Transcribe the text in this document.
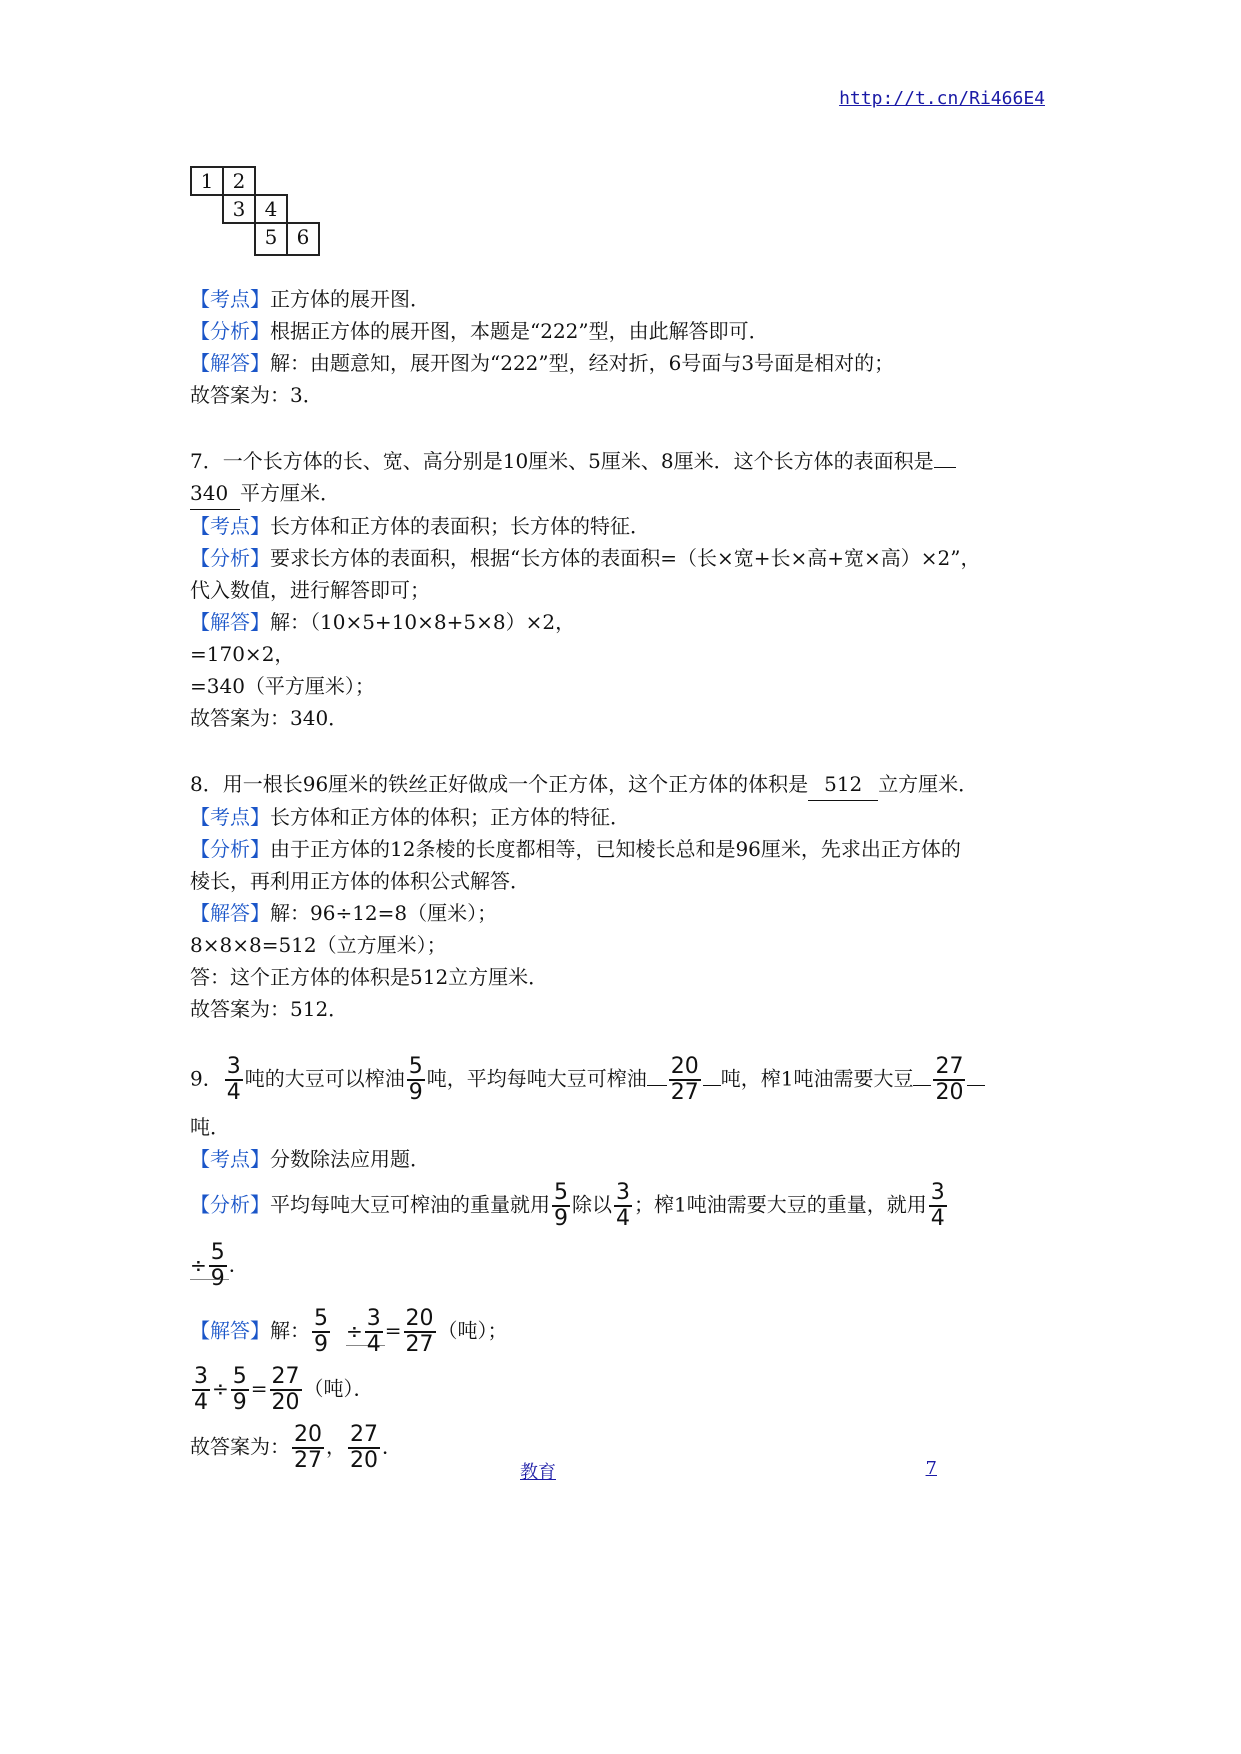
http://t.cn/Ri466E4
1 2
3 4
5 6
【考点】正方体的展开图．
【分析】根据正方体的展开图，本题是“222”型，由此解答即可．
【解答】解：由题意知，展开图为“222”型，经对折，6号面与3号面是相对的；
故答案为：3．
7．一个长方体的长、宽、高分别是10厘米、5厘米、8厘米．这个长方体的表面积是
340 平方厘米．
【考点】长方体和正方体的表面积；长方体的特征．
【分析】要求长方体的表面积，根据“长方体的表面积=（长×宽+长×高+宽×高）×2”，
代入数值，进行解答即可；
【解答】解：（10×5+10×8+5×8）×2，
=170×2，
=340（平方厘米）；
故答案为：340．
8．用一根长96厘米的铁丝正好做成一个正方体，这个正方体的体积是 512 立方厘米．
【考点】长方体和正方体的体积；正方体的特征．
【分析】由于正方体的12条棱的长度都相等，已知棱长总和是96厘米，先求出正方体的
棱长，再利用正方体的体积公式解答．
【解答】解：96÷12=8（厘米）；
8×8×8=512（立方厘米）；
答：这个正方体的体积是512立方厘米．
故答案为：512．
9． $\frac{3}{4}$ 吨的大豆可以榨油 $\frac{5}{9}$ 吨，平均每吨大豆可榨油 $\frac{20}{27}$ 吨，榨1吨油需要大豆 $\frac{27}{20}$
吨．
【考点】分数除法应用题．
【分析】平均每吨大豆可榨油的重量就用 $\frac{5}{9}$ 除以 $\frac{3}{4}$ ；榨1吨油需要大豆的重量，就用 $\frac{3}{4}$
÷ $\frac{5}{9}$ ．
【解答】解： $\frac{5}{9} \div \frac{3}{4} = \frac{20}{27}$ （吨）；
$\frac{3}{4} \div \frac{5}{9} = \frac{27}{20}$ （吨）．
故答案为： $\frac{20}{27}$ ， $\frac{27}{20}$ ．
教育	7
